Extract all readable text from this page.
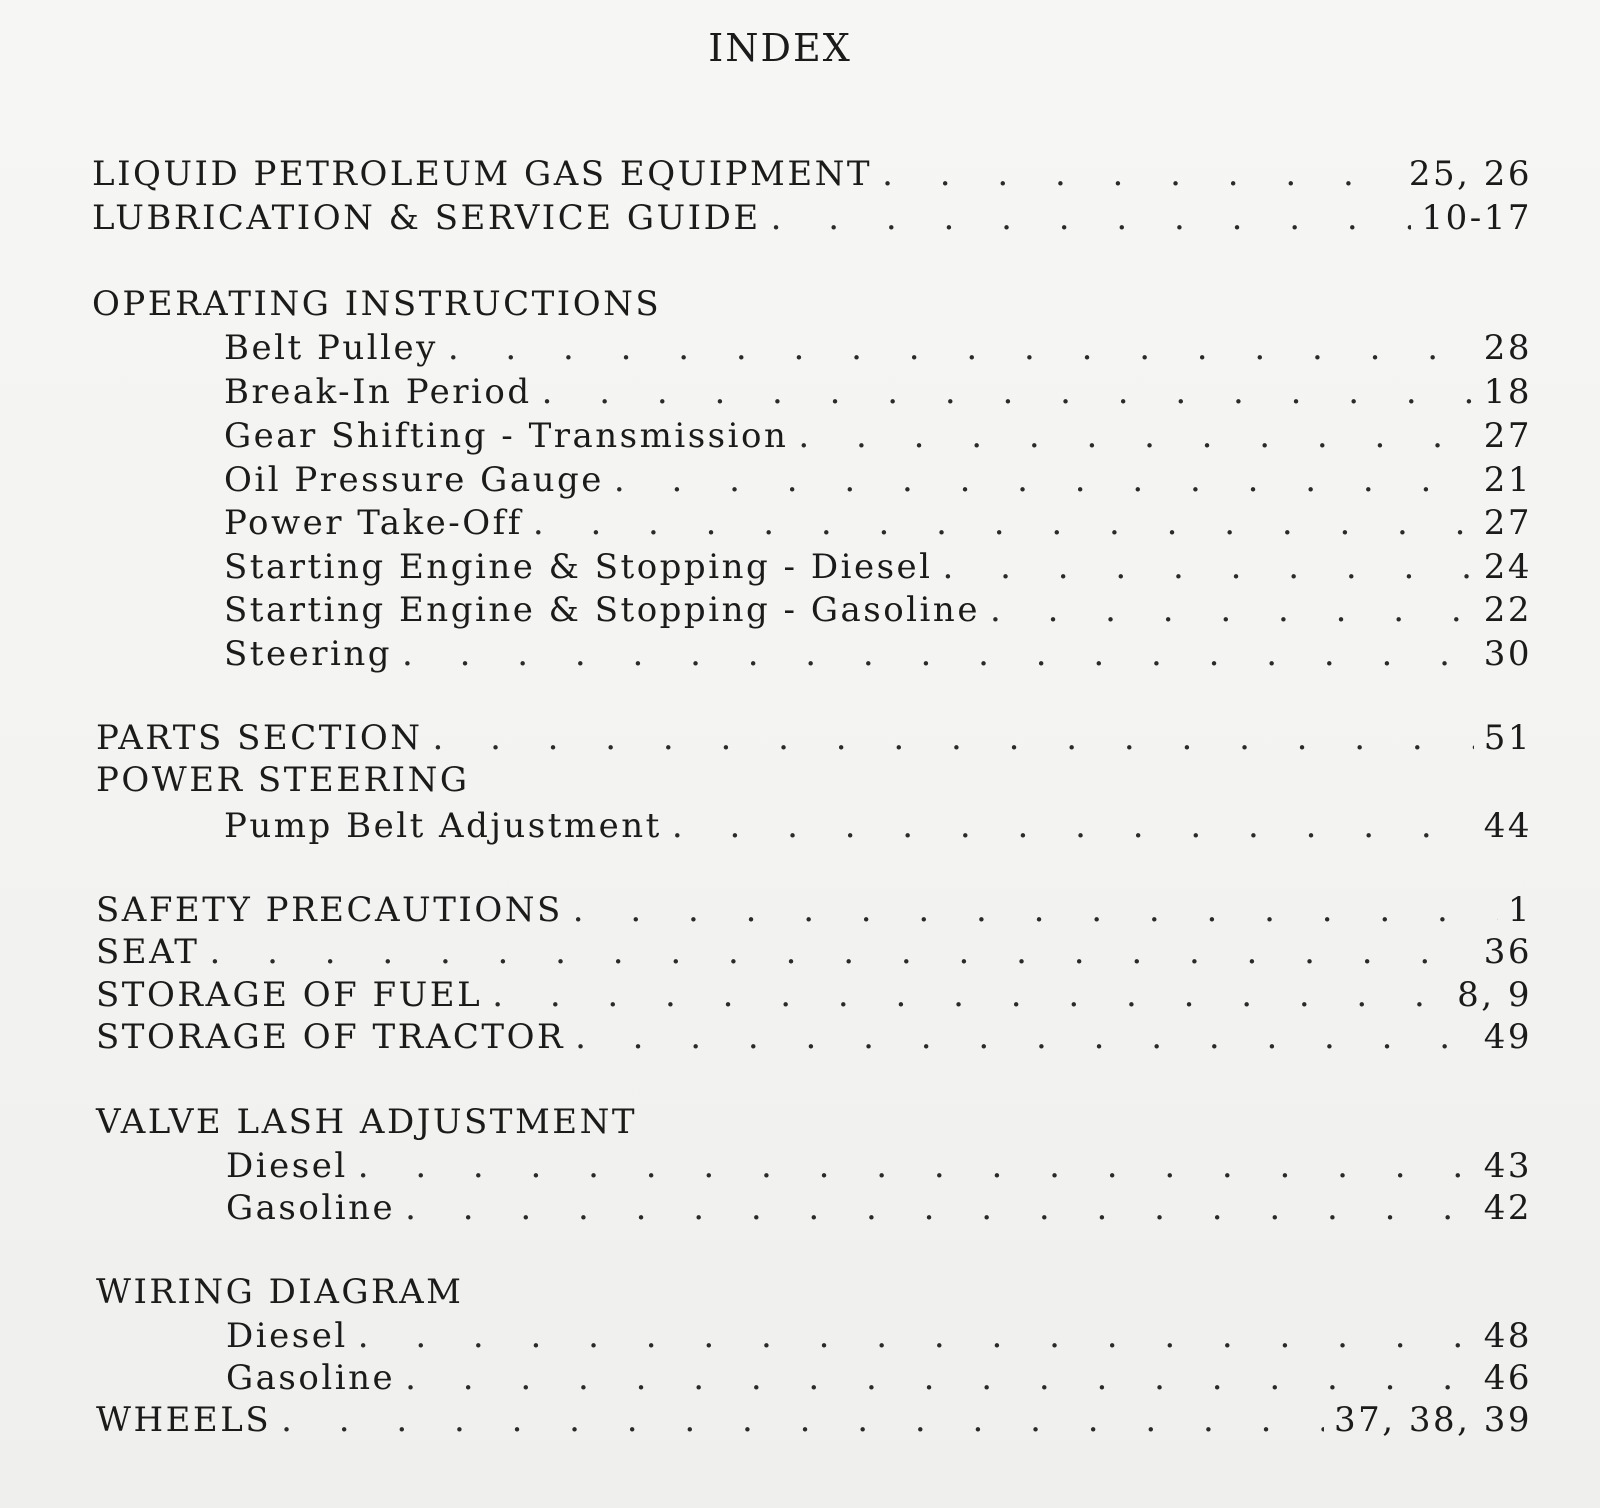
INDEX
LIQUID PETROLEUM GAS EQUIPMENT . . .	25, 26
LUBRICATION & SERVICE GUIDE . . .	10-17
OPERATING INSTRUCTIONS
Belt Pulley . . .	28
Break-In Period . . .	18
Gear Shifting - Transmission . . .	27
Oil Pressure Gauge . . .	21
Power Take-Off . . .	27
Starting Engine & Stopping - Diesel . . .	24
Starting Engine & Stopping - Gasoline . . .	22
Steering . . .	30
PARTS SECTION . . .	51
POWER STEERING
Pump Belt Adjustment . . .	44
SAFETY PRECAUTIONS . . .	1
SEAT . . .	36
STORAGE OF FUEL . . .	8, 9
STORAGE OF TRACTOR . . .	49
VALVE LASH ADJUSTMENT
Diesel . . .	43
Gasoline . . .	42
WIRING DIAGRAM
Diesel . . .	48
Gasoline . . .	46
WHEELS . . .	37, 38, 39
